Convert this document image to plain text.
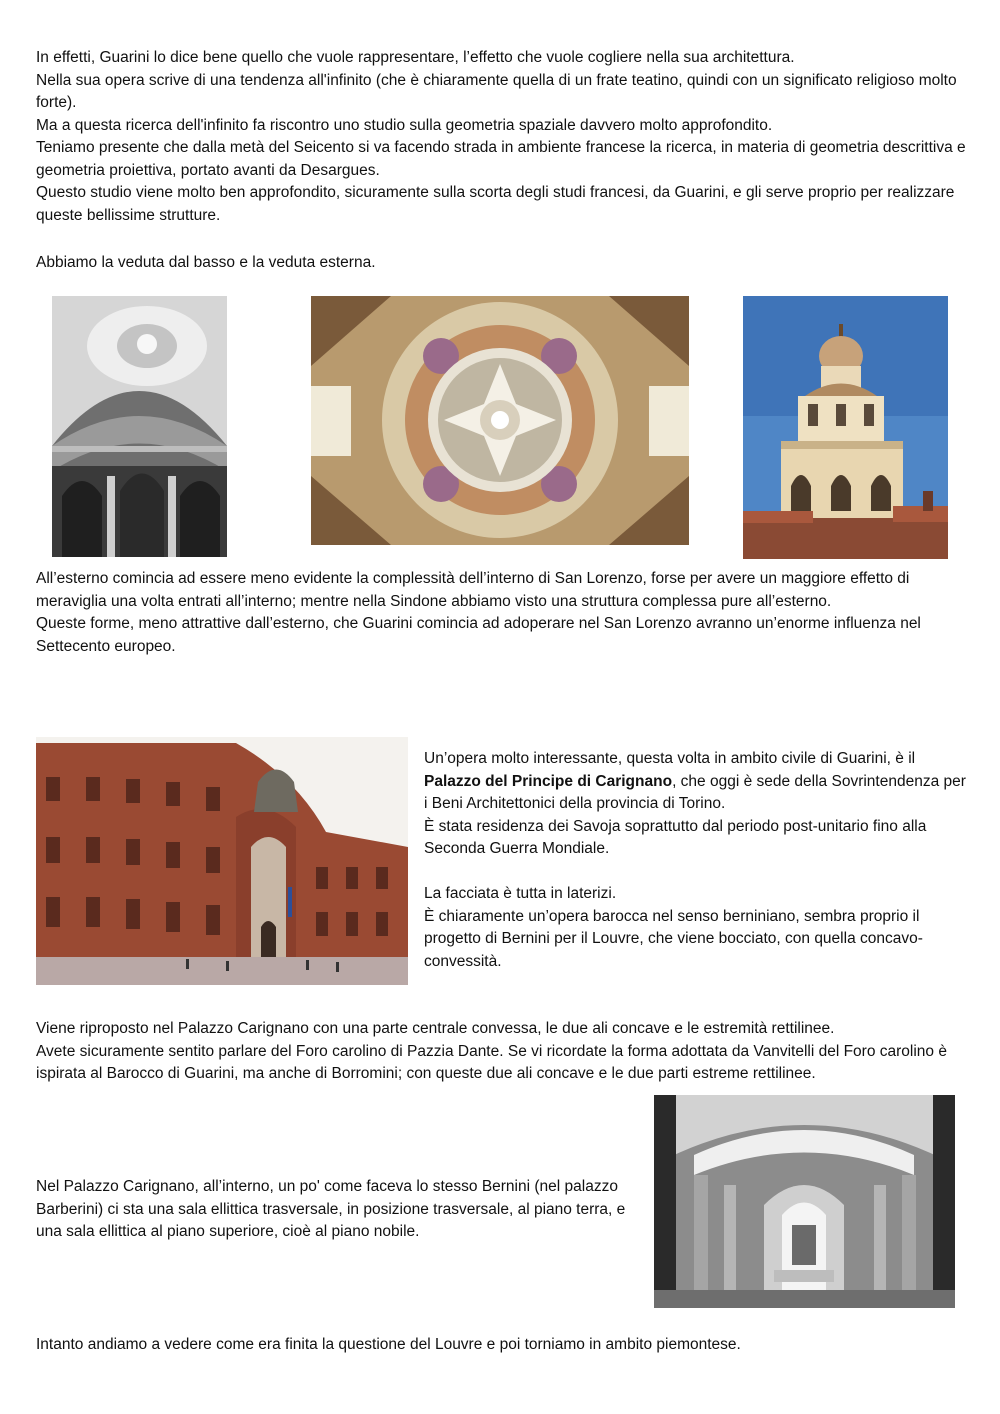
In effetti, Guarini lo dice bene quello che vuole rappresentare, l’effetto che vuole cogliere nella sua architettura.
Nella sua opera scrive di una tendenza all'infinito (che è chiaramente quella di un frate teatino, quindi con un significato religioso molto forte).
Ma a questa ricerca dell'infinito fa riscontro uno studio sulla geometria spaziale davvero molto approfondito.
Teniamo presente che dalla metà del Seicento si va facendo strada in ambiente francese la ricerca, in materia di geometria descrittiva e geometria proiettiva, portato avanti da Desargues.
Questo studio viene molto ben approfondito, sicuramente sulla scorta degli studi francesi, da Guarini, e gli serve proprio per realizzare queste bellissime strutture.

Abbiamo la veduta dal basso e la veduta esterna.

All’esterno comincia ad essere meno evidente la complessità dell’interno di San Lorenzo, forse per avere un maggiore effetto di meraviglia una volta entrati all’interno; mentre nella Sindone abbiamo visto una struttura complessa pure all’esterno.
Queste forme, meno attrattive dall’esterno, che Guarini comincia ad adoperare nel San Lorenzo avranno un’enorme influenza nel Settecento europeo.

Un’opera molto interessante, questa volta in ambito civile di Guarini, è il Palazzo del Principe di Carignano, che oggi è sede della Sovrintendenza per i Beni Architettonici della provincia di Torino.
È stata residenza dei Savoja soprattutto dal periodo post-unitario fino alla Seconda Guerra Mondiale.

La facciata è tutta in laterizi.
È chiaramente un’opera barocca nel senso berniniano, sembra proprio il progetto di Bernini per il Louvre, che viene bocciato, con quella concavo-convessità.

Viene riproposto nel Palazzo Carignano con una parte centrale convessa, le due ali concave e le estremità rettilinee.
Avete sicuramente sentito parlare del Foro carolino di Pazzia Dante. Se vi ricordate la forma adottata da Vanvitelli del Foro carolino è ispirata al Barocco di Guarini, ma anche di Borromini; con queste due ali concave e le due parti estreme rettilinee.

Nel Palazzo Carignano, all’interno, un po' come faceva lo stesso Bernini (nel palazzo Barberini) ci sta una sala ellittica trasversale, in posizione trasversale, al piano terra, e una sala ellittica al piano superiore, cioè al piano nobile.

Intanto andiamo a vedere come era finita la questione del Louvre e poi torniamo in ambito piemontese.
